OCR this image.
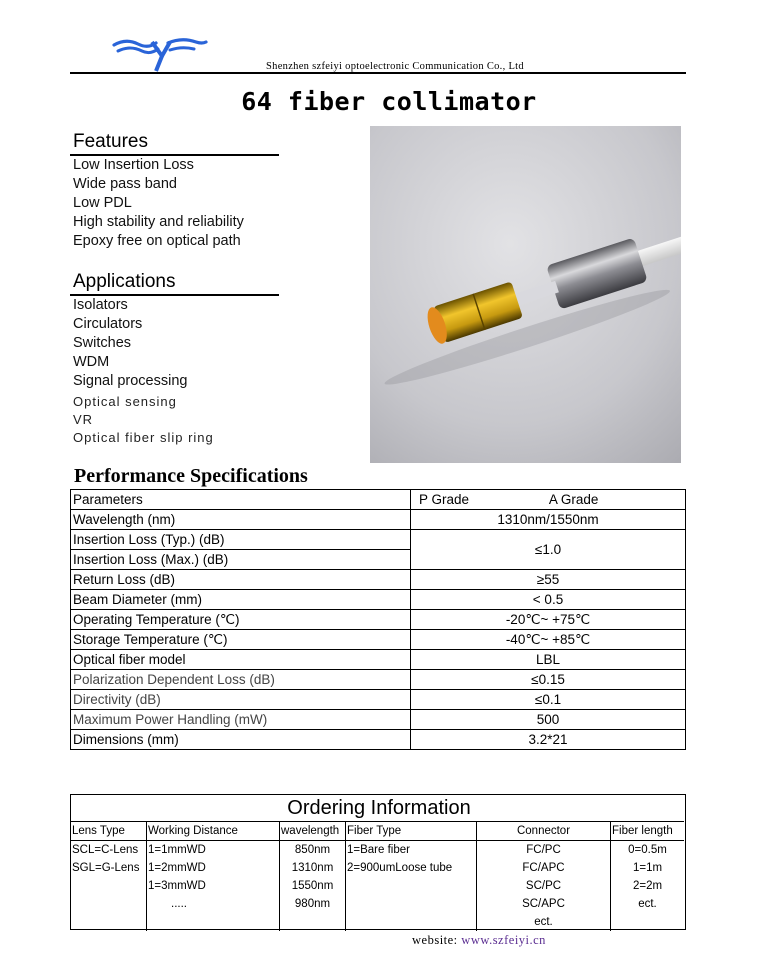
Shenzhen szfeiyi optoelectronic Communication Co., Ltd
64 fiber collimator
Features
Low Insertion Loss
Wide pass band
Low PDL
High stability and reliability
Epoxy free on optical path
Applications
Isolators
Circulators
Switches
WDM
Signal processing
Optical sensing
VR
Optical fiber slip ring
Performance Specifications
Parameters	P Grade A Grade
Wavelength (nm)	1310nm/1550nm
Insertion Loss (Typ.) (dB)	≤1.0
Insertion Loss (Max.) (dB)	
Return Loss (dB)	≥55
Beam Diameter (mm)	< 0.5
Operating Temperature (℃)	-20℃~ +75℃
Storage Temperature (℃)	-40℃~ +85℃
Optical fiber model	LBL
Polarization Dependent Loss (dB)	≤0.15
Directivity (dB)	≤0.1
Maximum Power Handling (mW)	500
Dimensions (mm)	3.2*21
Ordering Information
Lens Type	Working Distance	wavelength	Fiber Type	Connector	Fiber length
SCL=C-Lens	1=1mmWD	850nm	1=Bare fiber	FC/PC	0=0.5m
SGL=G-Lens	1=2mmWD	1310nm	2=900umLoose tube	FC/APC	1=1m
	1=3mmWD	1550nm		SC/PC	2=2m
	.....	980nm		SC/APC	ect.
				ect.	
website: www.szfeiyi.cn
